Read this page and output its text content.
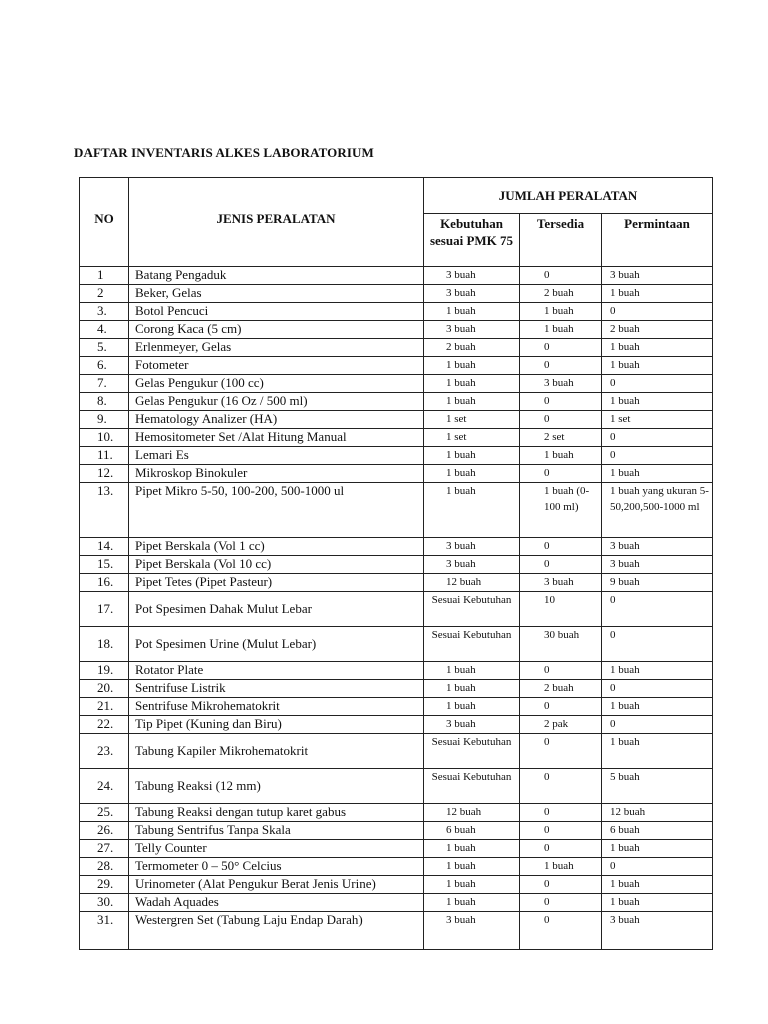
DAFTAR INVENTARIS ALKES LABORATORIUM
NO	JENIS PERALATAN	JUMLAH PERALATAN		
		Kebutuhan sesuai PMK 75	Tersedia	Permintaan
1	Batang Pengaduk	3 buah	0	3 buah
2	Beker, Gelas	3 buah	2 buah	1 buah
3.	Botol Pencuci	1 buah	1 buah	0
4.	Corong Kaca (5 cm)	3 buah	1 buah	2 buah
5.	Erlenmeyer, Gelas	2 buah	0	1 buah
6.	Fotometer	1 buah	0	1 buah
7.	Gelas Pengukur (100 cc)	1 buah	3 buah	0
8.	Gelas Pengukur (16 Oz / 500 ml)	1 buah	0	1 buah
9.	Hematology Analizer (HA)	1 set	0	1 set
10.	Hemositometer Set /Alat Hitung Manual	1 set	2 set	0
11.	Lemari Es	1 buah	1 buah	0
12.	Mikroskop Binokuler	1 buah	0	1 buah
13.	Pipet Mikro 5-50, 100-200, 500-1000 ul	1 buah	1 buah (0-100 ml)	1 buah yang ukuran 5-50,200,500-1000 ml
14.	Pipet Berskala (Vol 1 cc)	3 buah	0	3 buah
15.	Pipet Berskala (Vol 10 cc)	3 buah	0	3 buah
16.	Pipet Tetes (Pipet Pasteur)	12 buah	3 buah	9 buah
17.	Pot Spesimen Dahak Mulut Lebar	Sesuai Kebutuhan	10	0
18.	Pot Spesimen Urine (Mulut Lebar)	Sesuai Kebutuhan	30 buah	0
19.	Rotator Plate	1 buah	0	1 buah
20.	Sentrifuse Listrik	1 buah	2 buah	0
21.	Sentrifuse Mikrohematokrit	1 buah	0	1 buah
22.	Tip Pipet (Kuning dan Biru)	3 buah	2 pak	0
23.	Tabung Kapiler Mikrohematokrit	Sesuai Kebutuhan	0	1 buah
24.	Tabung Reaksi (12 mm)	Sesuai Kebutuhan	0	5 buah
25.	Tabung Reaksi dengan tutup karet gabus	12 buah	0	12 buah
26.	Tabung Sentrifus Tanpa Skala	6 buah	0	6 buah
27.	Telly Counter	1 buah	0	1 buah
28.	Termometer 0 – 50° Celcius	1 buah	1 buah	0
29.	Urinometer (Alat Pengukur Berat Jenis Urine)	1 buah	0	1 buah
30.	Wadah Aquades	1 buah	0	1 buah
31.	Westergren Set (Tabung Laju Endap Darah)	3 buah	0	3 buah
